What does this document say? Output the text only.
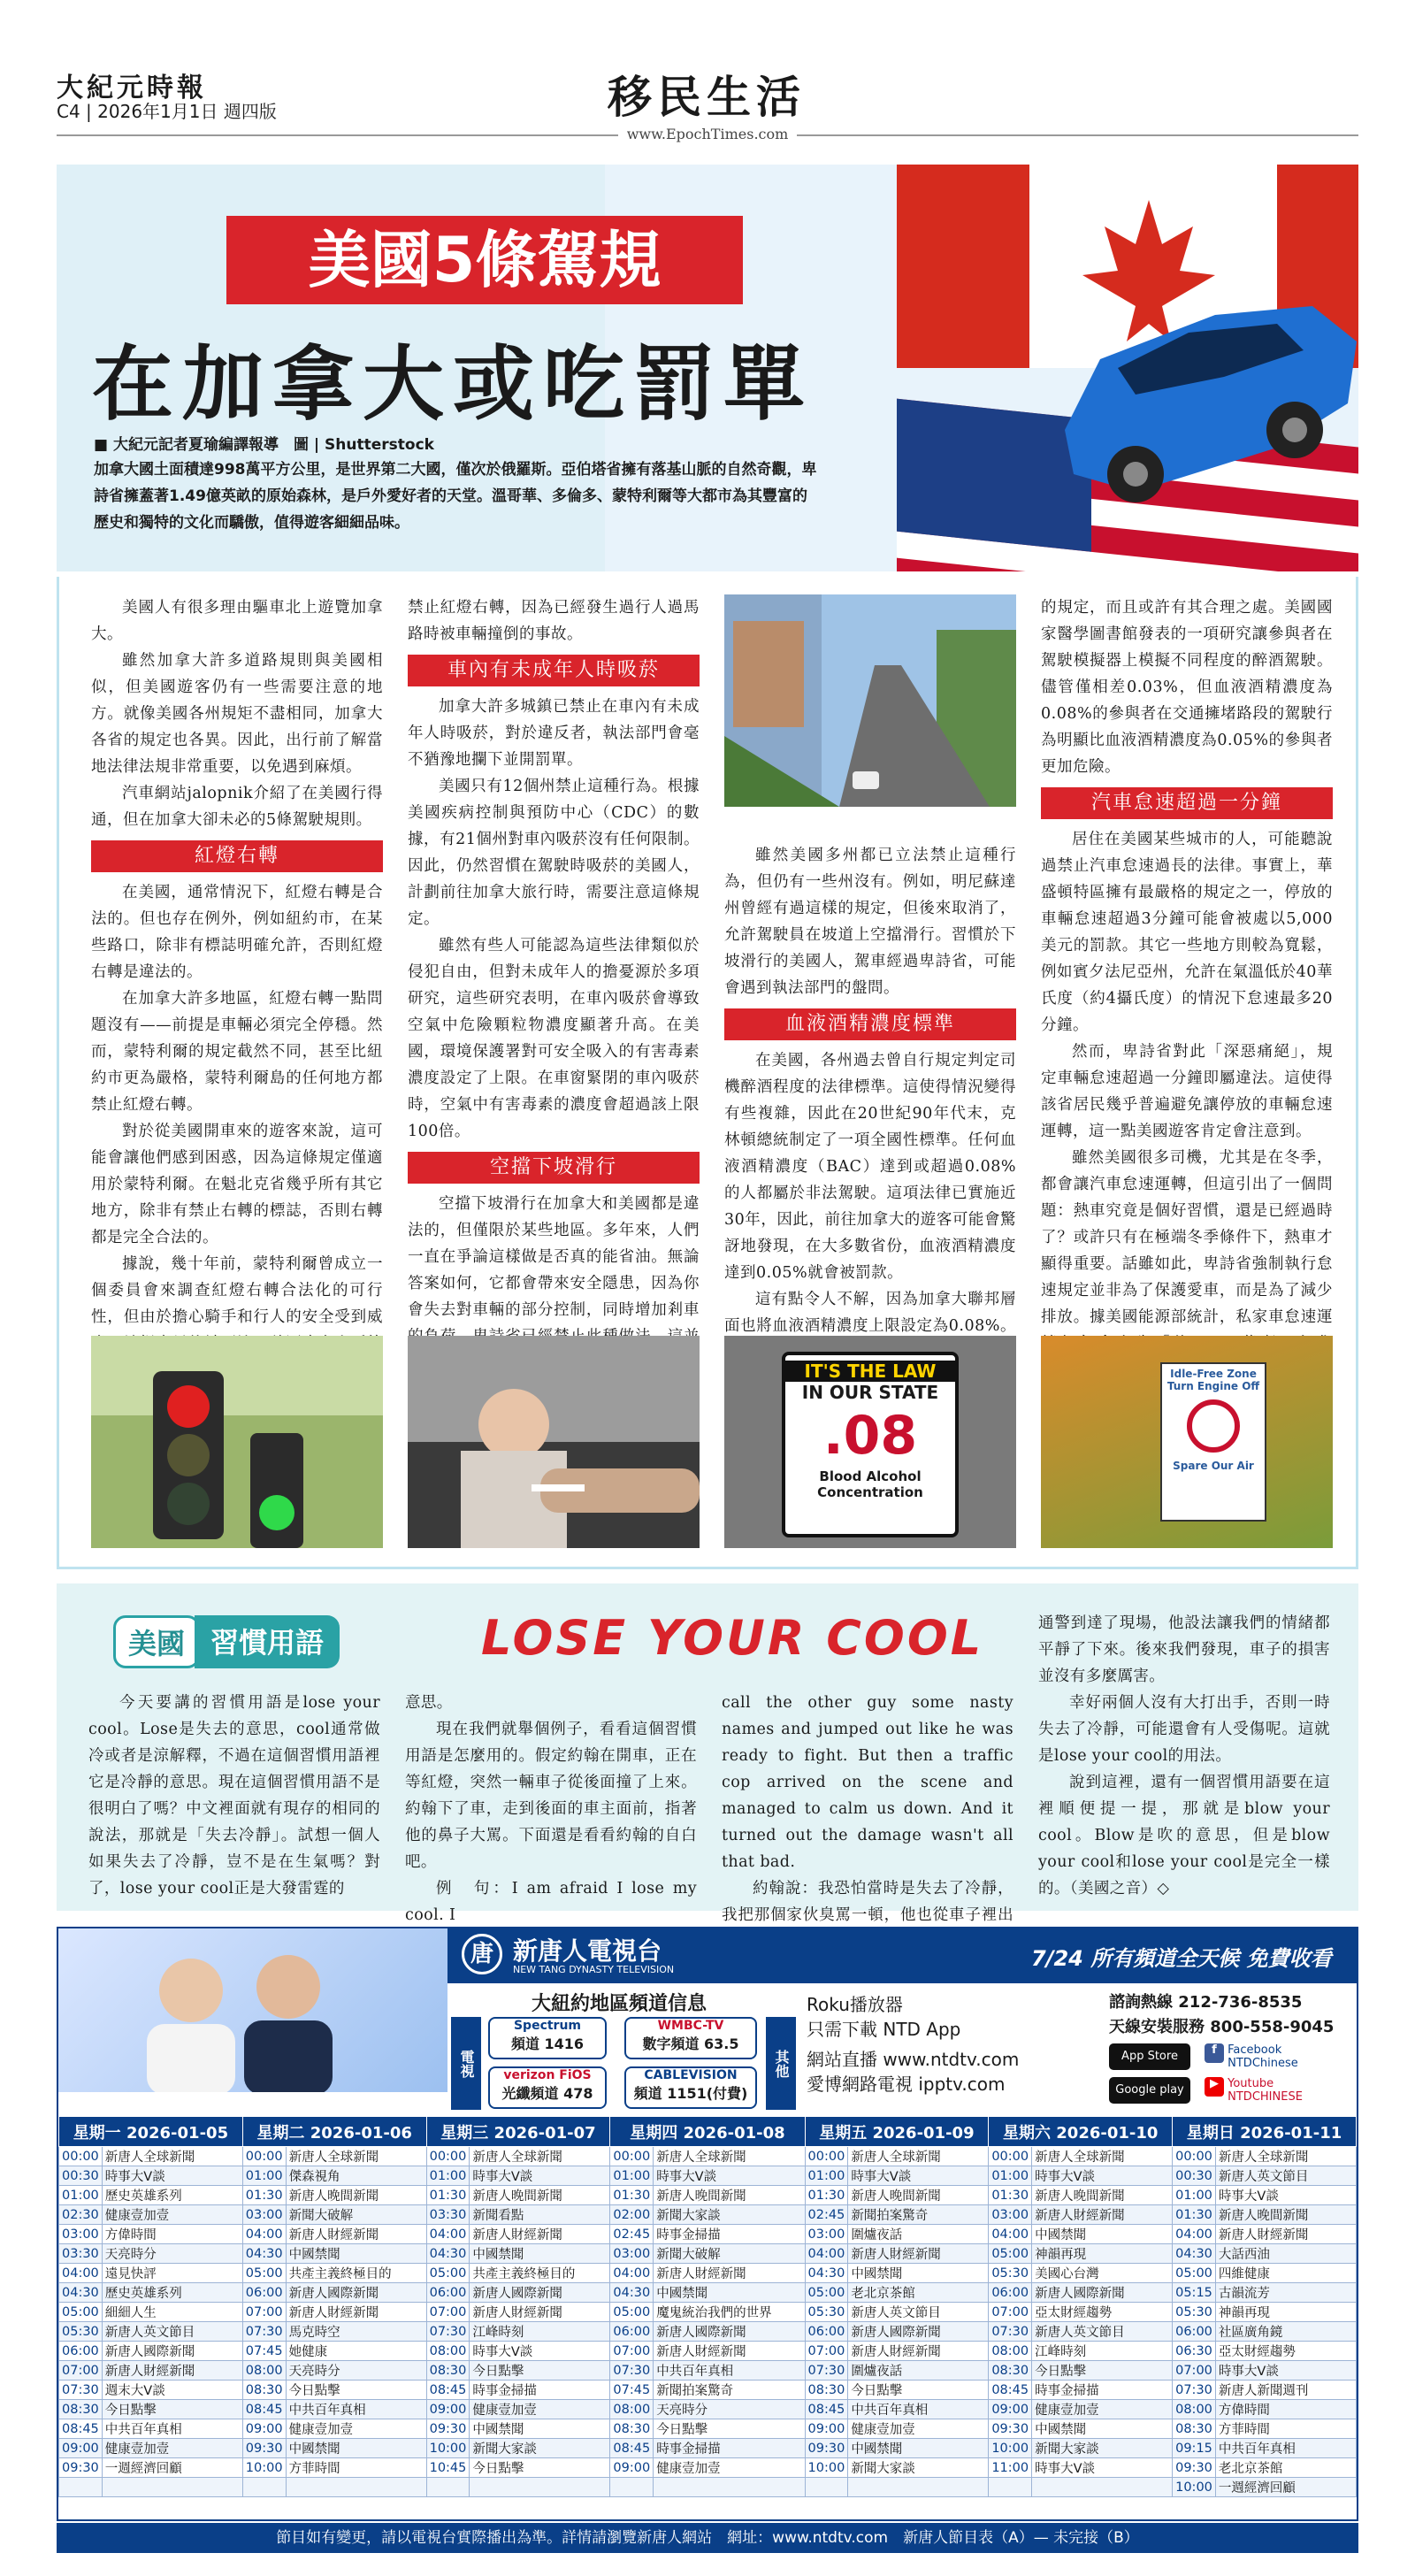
大紀元時報
C4 | 2026年1月1日 週四版	移民生活
www.EpochTimes.com
美國5條駕規
在加拿大或吃罰單
■ 大紀元記者夏瑜編譯報導　圖 | Shutterstock
加拿大國土面積達998萬平方公里，是世界第二大國，僅次於俄羅斯。亞伯塔省擁有落基山脈的自然奇觀，卑詩省擁蓋著1.49億英畝的原始森林，是戶外愛好者的天堂。溫哥華、多倫多、蒙特利爾等大都市為其豐富的歷史和獨特的文化而驕傲，值得遊客細細品味。

美國人有很多理由驅車北上遊覽加拿大。

雖然加拿大許多道路規則與美國相似，但美國遊客仍有一些需要注意的地方。就像美國各州規矩不盡相同，加拿大各省的規定也各異。因此，出行前了解當地法律法規非常重要，以免遇到麻煩。

汽車網站jalopnik介紹了在美國行得通，但在加拿大卻未必的5條駕駛規則。

紅燈右轉

在美國，通常情況下，紅燈右轉是合法的。但也存在例外，例如紐約市，在某些路口，除非有標誌明確允許，否則紅燈右轉是違法的。

在加拿大許多地區，紅燈右轉一點問題沒有——前提是車輛必須完全停穩。然而，蒙特利爾的規定截然不同，甚至比紐約市更為嚴格，蒙特利爾島的任何地方都禁止紅燈右轉。

對於從美國開車來的遊客來說，這可能會讓他們感到困惑，因為這條規定僅適用於蒙特利爾。在魁北克省幾乎所有其它地方，除非有禁止右轉的標誌，否則右轉都是完全合法的。

據說，幾十年前，蒙特利爾曾成立一個委員會來調查紅燈右轉合法化的可行性，但由於擔心騎手和行人的安全受到威

禁止紅燈右轉，因為已經發生過行人過馬路時被車輛撞倒的事故。

車內有未成年人時吸菸

加拿大許多城鎮已禁止在車內有未成年人時吸菸，對於違反者，執法部門會毫不猶豫地攔下並開罰單。

美國只有12個州禁止這種行為。根據美國疾病控制與預防中心（CDC）的數據，有21個州對車內吸菸沒有任何限制。因此，仍然習慣在駕駛時吸菸的美國人，計劃前往加拿大旅行時，需要注意這條規定。

雖然有些人可能認為這些法律類似於侵犯自由，但對未成年人的擔憂源於多項研究，這些研究表明，在車內吸菸會導致空氣中危險顆粒物濃度顯著升高。在美國，環境保護署對可安全吸入的有害毒素濃度設定了上限。在車窗緊閉的車內吸菸時，空氣中有害毒素的濃度會超過該上限100倍。

空擋下坡滑行

空擋下坡滑行在加拿大和美國都是違法的，但僅限於某些地區。多年來，人們一直在爭論這樣做是否真的能省油。無論答案如何，它都會帶來安全隱患，因為你會失去對車輛的部分控制，同時增加剎車

雖然美國多州都已立法禁止這種行為，但仍有一些州沒有。例如，明尼蘇達州曾經有過這樣的規定，但後來取消了，允許駕駛員在坡道上空擋滑行。習慣於下坡滑行的美國人，駕車經過卑詩省，可能會遇到執法部門的盤問。

血液酒精濃度標準

在美國，各州過去曾自行規定判定司機醉酒程度的法律標準。這使得情況變得有些複雜，因此在20世紀90年代末，克林頓總統制定了一項全國性標準。任何血液酒精濃度（BAC）達到或超過0.08%的人都屬於非法駕駛。這項法律已實施近30年，因此，前往加拿大的遊客可能會驚訝地發現，在大多數省份，血液酒精濃度達到0.05%就會被罰款。

這有點令人不解，因為加拿大聯邦層面也將血液酒精濃度上限設定為0.08%。

的規定，而且或許有其合理之處。美國國家醫學圖書館發表的一項研究讓參與者在駕駛模擬器上模擬不同程度的醉酒駕駛。儘管僅相差0.03%，但血液酒精濃度為0.08%的參與者在交通擁堵路段的駕駛行為明顯比血液酒精濃度為0.05%的參與者更加危險。

汽車怠速超過一分鐘

居住在美國某些城市的人，可能聽說過禁止汽車怠速過長的法律。事實上，華盛頓特區擁有最嚴格的規定之一，停放的車輛怠速超過3分鐘可能會被處以5,000美元的罰款。其它一些地方則較為寬鬆，例如賓夕法尼亞州，允許在氣溫低於40華氏度（約4攝氏度）的情況下怠速最多20分鐘。

然而，卑詩省對此「深惡痛絕」，規定車輛怠速超過一分鐘即屬違法。這使得該省居民幾乎普遍避免讓停放的車輛怠速運轉，這一點美國遊客肯定會注意到。

雖然美國很多司機，尤其是在冬季，都會讓汽車怠速運轉，但這引出了一個問題：熱車究竟是個好習慣，還是已經過時了？或許只有在極端冬季條件下，熱車才顯得重要。話雖如此，卑詩省強制執行怠速規定並非為了保護愛車，而是為了減少排放。據美國能源部統計，私家車怠速運

IT'S THE LAW
IN OUR STATE
.08
Blood Alcohol Concentration
Idle-Free Zone Turn Engine Off
Spare Our Air
美國 習慣用語	LOSE YOUR COOL

今天要講的習慣用語是lose your cool。Lose是失去的意思，cool通常做冷或者是涼解釋，不過在這個習慣用語裡它是冷靜的意思。現在這個習慣用語不是很明白了嗎？中文裡面就有現存的相同的說法，那就是「失去冷靜」。試想一個人如果失去了冷靜，豈不是在生氣嗎？對了，lose your cool正是大發雷霆的

意思。

現在我們就舉個例子，看看這個習慣用語是怎麼用的。假定約翰在開車，正在等紅燈，突然一輛車子從後面撞了上來。約翰下了車，走到後面的車主面前，指著他的鼻子大罵。下面還是看看約翰的自白吧。

例　句：I am afraid I lose my cool. I

call the other guy some nasty names and jumped out like he was ready to fight. But then a traffic cop arrived on the scene and managed to calm us down. And it turned out the damage wasn't all that bad.

約翰說：我恐怕當時是失去了冷靜，我把那個家伙臭罵一頓，他也從車子裡出

通警到達了現場，他設法讓我們的情緒都平靜了下來。後來我們發現，車子的損害並沒有多麼厲害。

幸好兩個人沒有大打出手，否則一時失去了冷靜，可能還會有人受傷呢。這就是lose your cool的用法。

說到這裡，還有一個習慣用語要在這裡順便提一提，那就是blow your cool。Blow是吹的意思，但是blow your cool和lose your cool是完全一樣的。（美國之音）◇

唐 新唐人電視台
NEW TANG DYNASTY TELEVISION	7/24 所有頻道全天候 免費收看
大紐約地區頻道信息
電視
Spectrum
頻道 1416
WMBC-TV
數字頻道 63.5
verizon FiOS
光纖頻道 478
CABLEVISION
頻道 1151(付費)
其他
Roku播放器
只需下載 NTD App
網站直播 www.ntdtv.com
愛博網路電視 ipptv.com
諮詢熱線 212-736-8535
天線安裝服務 800-558-9045
App Store
Google play
f Facebook NTDChinese
▶ Youtube NTDCHINESE
星期一 2026-01-05		星期二 2026-01-06		星期三 2026-01-07		星期四 2026-01-08		星期五 2026-01-09		星期六 2026-01-10		星期日 2026-01-11	
00:00	新唐人全球新聞	00:00	新唐人全球新聞	00:00	新唐人全球新聞	00:00	新唐人全球新聞	00:00	新唐人全球新聞	00:00	新唐人全球新聞	00:00	新唐人全球新聞
00:30	時事大V談	01:00	傑森視角	01:00	時事大V談	01:00	時事大V談	01:00	時事大V談	01:00	時事大V談	00:30	新唐人英文節目
01:00	歷史英雄系列	01:30	新唐人晚間新聞	01:30	新唐人晚間新聞	01:30	新唐人晚間新聞	01:30	新唐人晚間新聞	01:30	新唐人晚間新聞	01:00	時事大V談
02:30	健康壹加壹	03:00	新聞大破解	03:30	新聞看點	02:00	新聞大家談	02:45	新聞拍案驚奇	03:00	新唐人財經新聞	01:30	新唐人晚間新聞
03:00	方偉時間	04:00	新唐人財經新聞	04:00	新唐人財經新聞	02:45	時事金掃描	03:00	圍爐夜話	04:00	中國禁聞	04:00	新唐人財經新聞
03:30	天亮時分	04:30	中國禁聞	04:30	中國禁聞	03:00	新聞大破解	04:00	新唐人財經新聞	05:00	神韻再現	04:30	大話西油
04:00	遠見快評	05:00	共產主義終極目的	05:00	共產主義終極目的	04:00	新唐人財經新聞	04:30	中國禁聞	05:30	美國心台灣	05:00	四維健康
04:30	歷史英雄系列	06:00	新唐人國際新聞	06:00	新唐人國際新聞	04:30	中國禁聞	05:00	老北京茶館	06:00	新唐人國際新聞	05:15	古韻流芳
05:00	細細人生	07:00	新唐人財經新聞	07:00	新唐人財經新聞	05:00	魔鬼統治我們的世界	05:30	新唐人英文節目	07:00	亞太財經趨勢	05:30	神韻再現
05:30	新唐人英文節目	07:30	馬克時空	07:30	江峰時刻	06:00	新唐人國際新聞	06:00	新唐人國際新聞	07:30	新唐人英文節目	06:00	社區廣角鏡
06:00	新唐人國際新聞	07:45	她健康	08:00	時事大V談	07:00	新唐人財經新聞	07:00	新唐人財經新聞	08:00	江峰時刻	06:30	亞太財經趨勢
07:00	新唐人財經新聞	08:00	天亮時分	08:30	今日點擊	07:30	中共百年真相	07:30	圍爐夜話	08:30	今日點擊	07:00	時事大V談
07:30	週末大V談	08:30	今日點擊	08:45	時事金掃描	07:45	新聞拍案驚奇	08:30	今日點擊	08:45	時事金掃描	07:30	新唐人新聞週刊
08:30	今日點擊	08:45	中共百年真相	09:00	健康壹加壹	08:00	天亮時分	08:45	中共百年真相	09:00	健康壹加壹	08:00	方偉時間
08:45	中共百年真相	09:00	健康壹加壹	09:30	中國禁聞	08:30	今日點擊	09:00	健康壹加壹	09:30	中國禁聞	08:30	方菲時間
09:00	健康壹加壹	09:30	中國禁聞	10:00	新聞大家談	08:45	時事金掃描	09:30	中國禁聞	10:00	新聞大家談	09:15	中共百年真相
09:30	一週經濟回顧	10:00	方菲時間	10:45	今日點擊	09:00	健康壹加壹	10:00	新聞大家談	11:00	時事大V談	09:30	老北京茶館
												10:00	一週經濟回顧
節目如有變更，請以電視台實際播出為準。詳情請瀏覽新唐人網站　網址：www.ntdtv.com　新唐人節目表（A）— 未完接（B）
